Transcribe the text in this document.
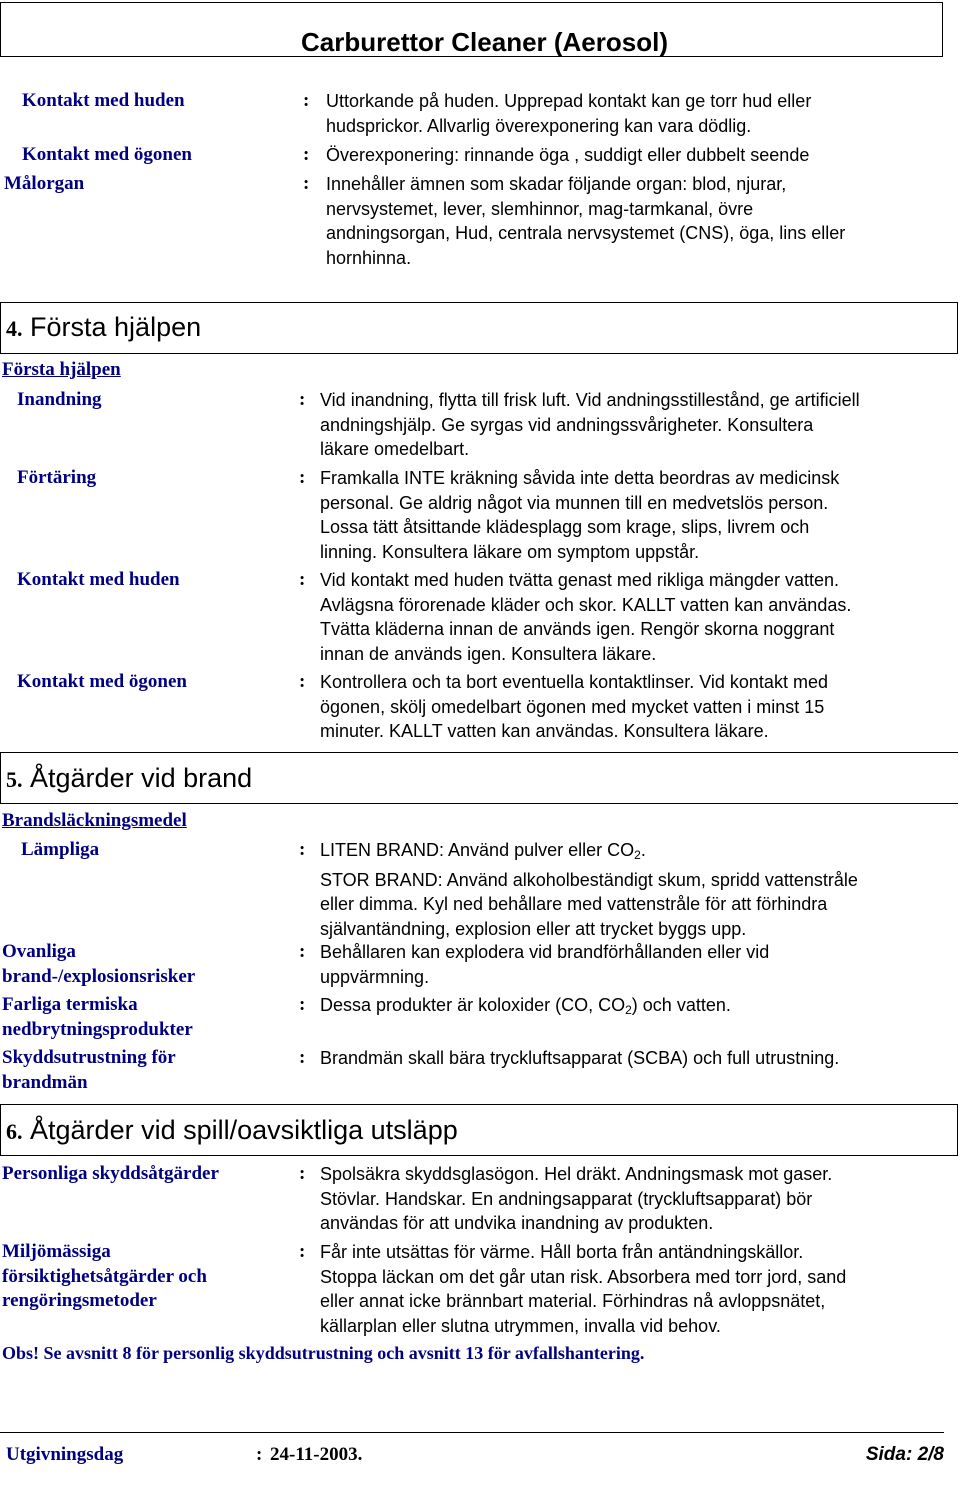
Carburettor Cleaner (Aerosol)
Kontakt med huden	: Uttorkande på huden. Upprepad kontakt kan ge torr hud eller
hudsprickor. Allvarlig överexponering kan vara dödlig.
Kontakt med ögonen	: Överexponering: rinnande öga , suddigt eller dubbelt seende
Målorgan	: Innehåller ämnen som skadar följande organ: blod, njurar,
nervsystemet, lever, slemhinnor, mag-tarmkanal, övre
andningsorgan, Hud, centrala nervsystemet (CNS), öga, lins eller
hornhinna.
4. Första hjälpen
Första hjälpen
Inandning	: Vid inandning, flytta till frisk luft. Vid andningsstillestånd, ge artificiell
andningshjälp. Ge syrgas vid andningssvårigheter. Konsultera
läkare omedelbart.
Förtäring	: Framkalla INTE kräkning såvida inte detta beordras av medicinsk
personal. Ge aldrig något via munnen till en medvetslös person.
Lossa tätt åtsittande klädesplagg som krage, slips, livrem och
linning. Konsultera läkare om symptom uppstår.
Kontakt med huden	: Vid kontakt med huden tvätta genast med rikliga mängder vatten.
Avlägsna förorenade kläder och skor. KALLT vatten kan användas.
Tvätta kläderna innan de används igen. Rengör skorna noggrant
innan de används igen. Konsultera läkare.
Kontakt med ögonen	: Kontrollera och ta bort eventuella kontaktlinser. Vid kontakt med
ögonen, skölj omedelbart ögonen med mycket vatten i minst 15
minuter. KALLT vatten kan användas. Konsultera läkare.
5. Åtgärder vid brand
Brandsläckningsmedel
Lämpliga	: LITEN BRAND: Använd pulver eller $CO_2$.
STOR BRAND: Använd alkoholbeständigt skum, spridd vattenstråle
eller dimma. Kyl ned behållare med vattenstråle för att förhindra
självantändning, explosion eller att trycket byggs upp.
Ovanliga
brand-/explosionsrisker
: Behållaren kan explodera vid brandförhållanden eller vid
uppvärmning.
Farliga termiska
nedbrytningsprodukter
: Dessa produkter är koloxider (CO, $CO_2$) och vatten.
Skyddsutrustning för
brandmän
: Brandmän skall bära tryckluftsapparat (SCBA) och full utrustning.
6. Åtgärder vid spill/oavsiktliga utsläpp
Personliga skyddsåtgärder	: Spolsäkra skyddsglasögon. Hel dräkt. Andningsmask mot gaser.
Stövlar. Handskar. En andningsapparat (tryckluftsapparat) bör
användas för att undvika inandning av produkten.
Miljömässiga
försiktighetsåtgärder och
rengöringsmetoder
: Får inte utsättas för värme. Håll borta från antändningskällor.
Stoppa läckan om det går utan risk. Absorbera med torr jord, sand
eller annat icke brännbart material. Förhindras nå avloppsnätet,
källarplan eller slutna utrymmen, invalla vid behov.
Obs! Se avsnitt 8 för personlig skyddsutrustning och avsnitt 13 för avfallshantering.
Utgivningsdag	: 24-11-2003.	Sida: 2/8
